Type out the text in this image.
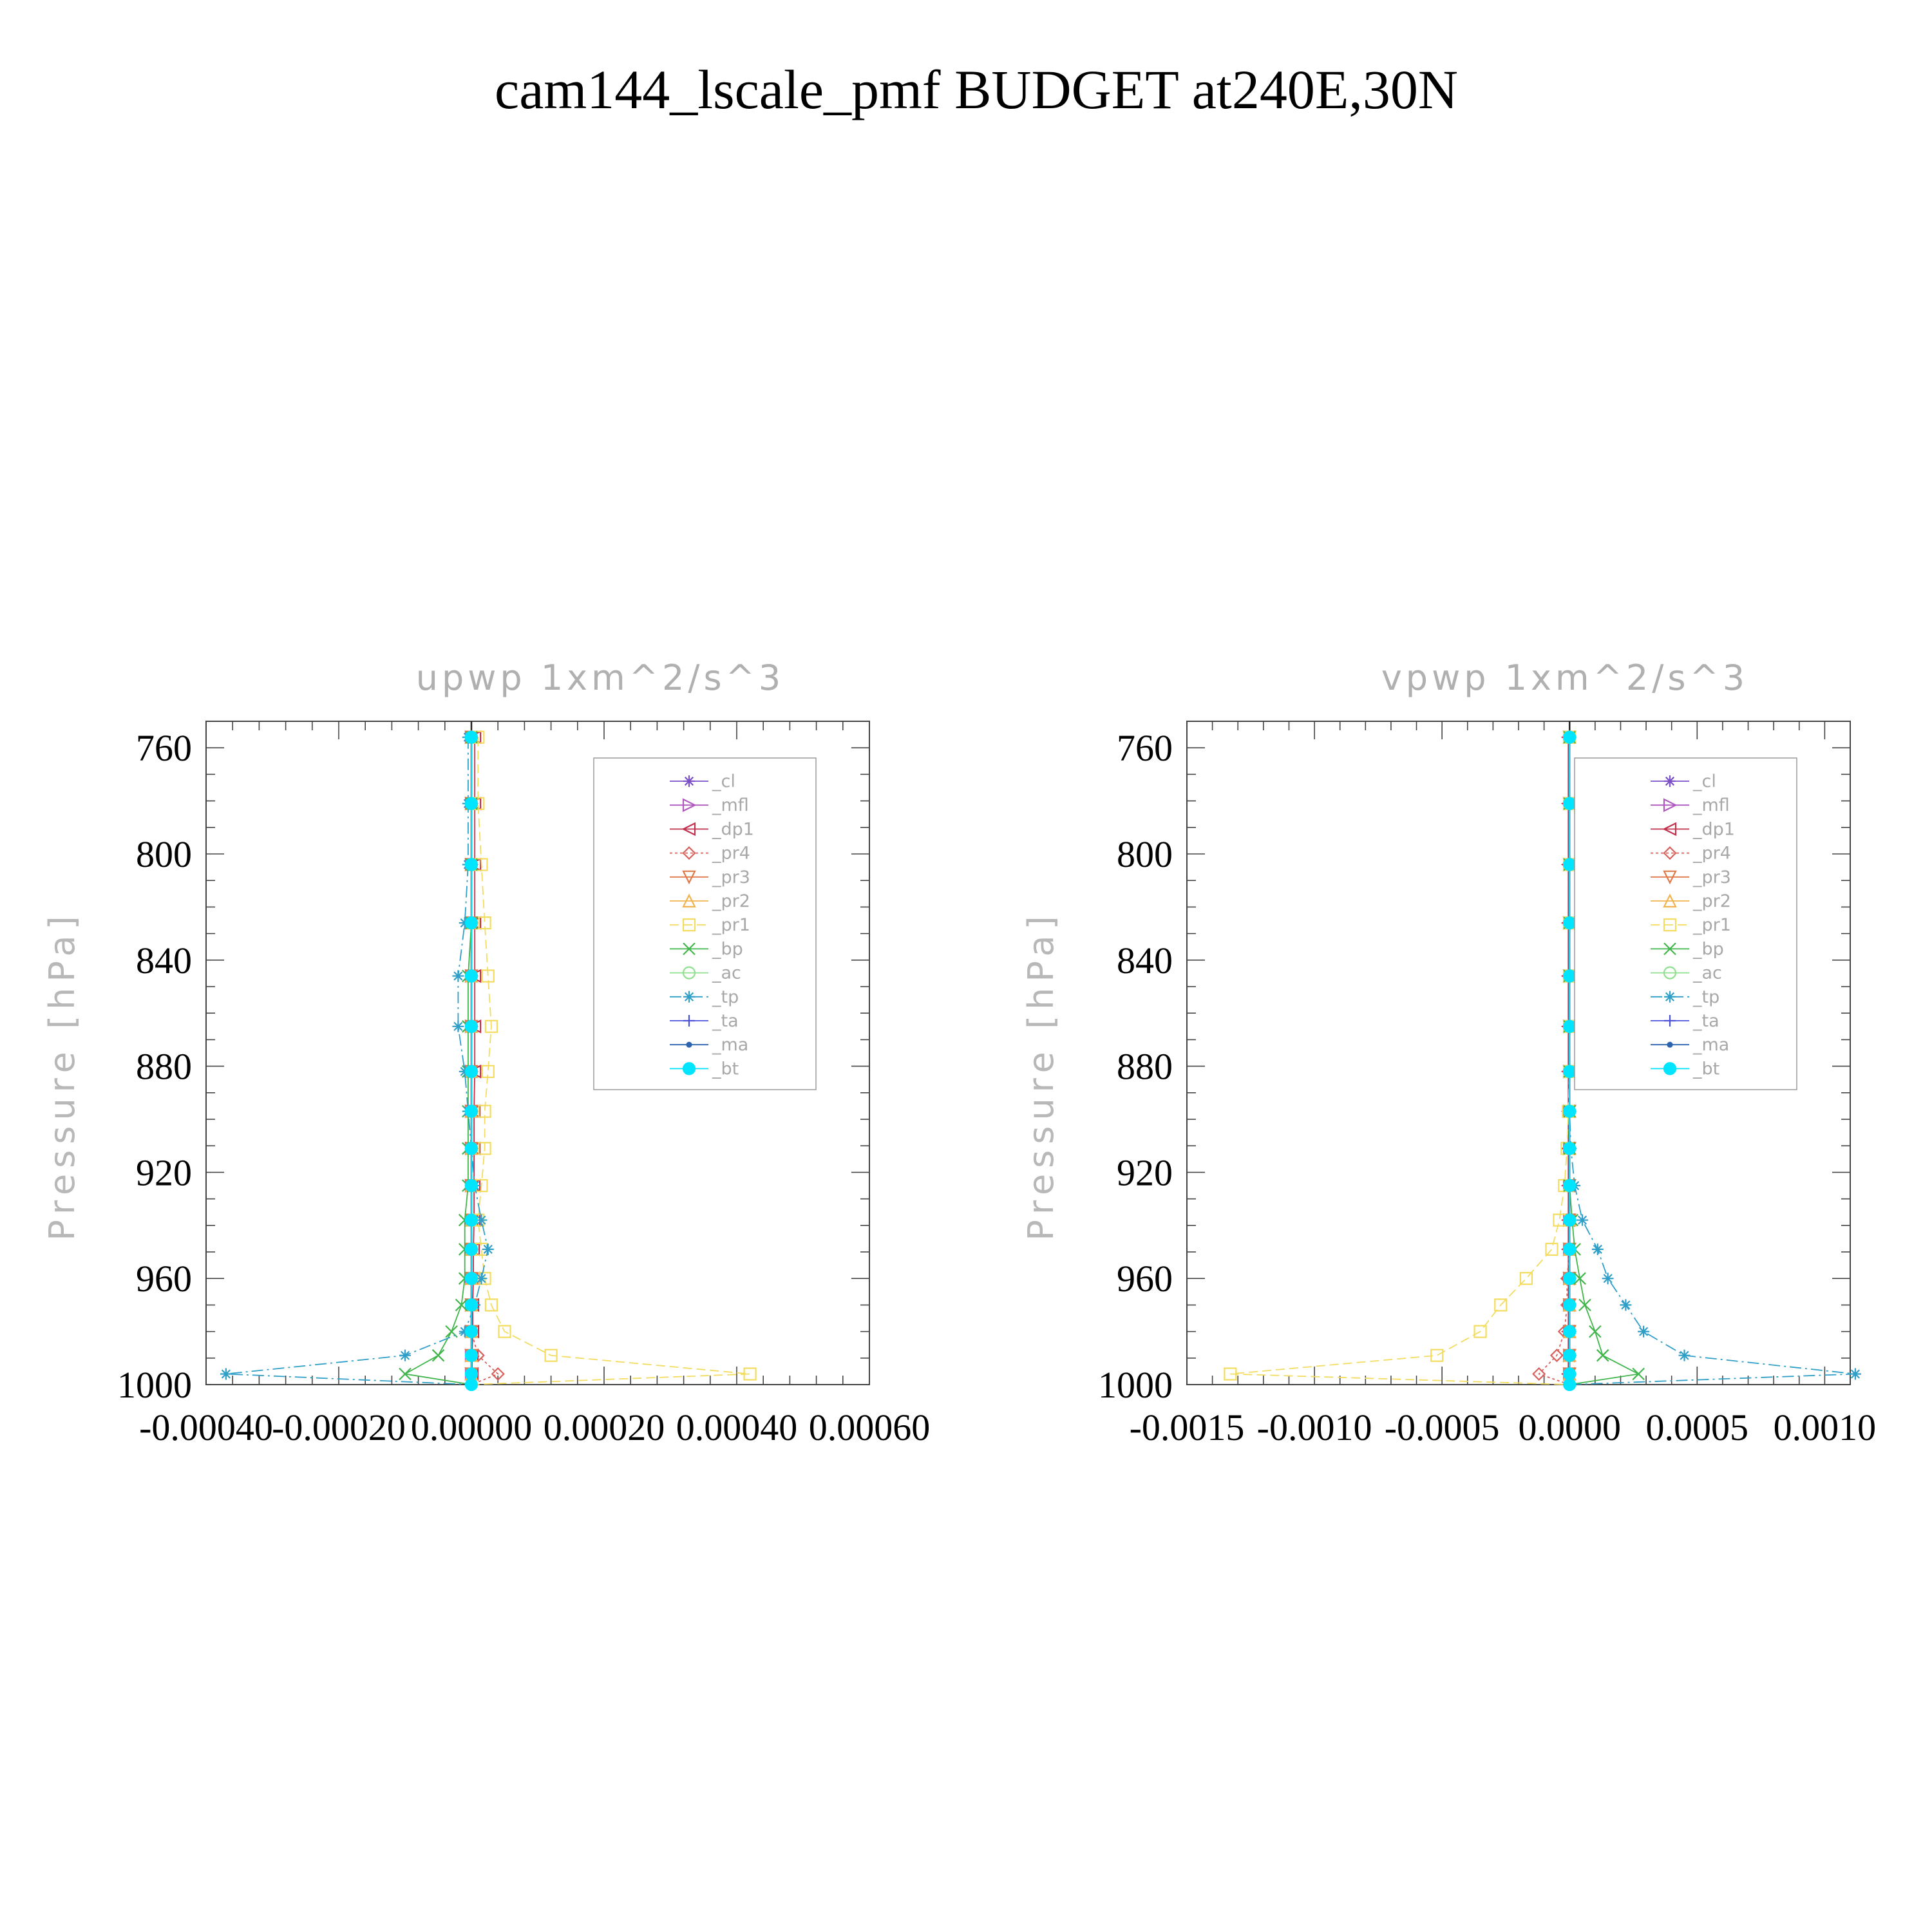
cam144_lscale_pmf BUDGET at240E,30N
upwp 1xm^2/s^3
Pressure [hPa]
760
800
840
880
920
960
1000
-0.00040
-0.00020 0.00000 0.00020 0.00040 0.00060
_cl
_mfl
_dp1
_pr4
_pr3
_pr2
_pr1
_bp
_ac
_tp
_ta
_ma
_bt
vpwp 1xm^2/s^3
Pressure [hPa]
760
800
840
880
920
960
1000
-0.0015 -0.0010 -0.0005 0.0000 0.0005 0.0010
_cl
_mfl
_dp1
_pr4
_pr3
_pr2
_pr1
_bp
_ac
_tp
_ta
_ma
_bt
